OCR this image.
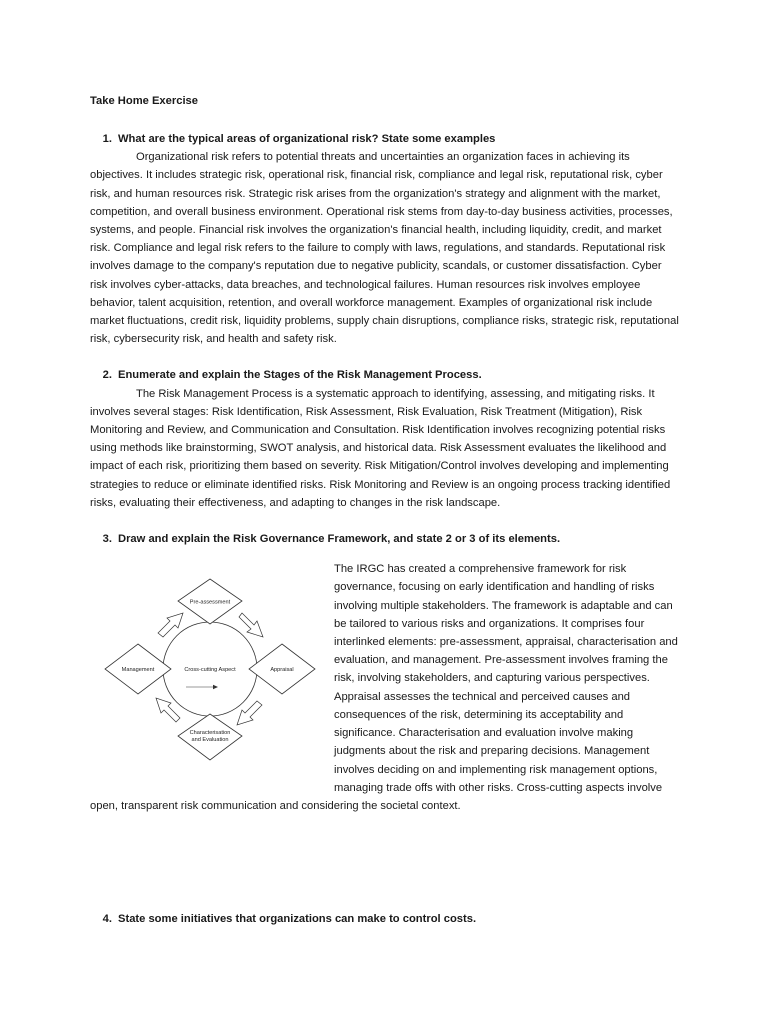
Take Home Exercise

1. What are the typical areas of organizational risk? State some examples

Organizational risk refers to potential threats and uncertainties an organization faces in achieving its objectives. It includes strategic risk, operational risk, financial risk, compliance and legal risk, reputational risk, cyber risk, and human resources risk. Strategic risk arises from the organization's strategy and alignment with the market, competition, and overall business environment. Operational risk stems from day-to-day business activities, processes, systems, and people. Financial risk involves the organization's financial health, including liquidity, credit, and market risk. Compliance and legal risk refers to the failure to comply with laws, regulations, and standards. Reputational risk involves damage to the company's reputation due to negative publicity, scandals, or customer dissatisfaction. Cyber risk involves cyber-attacks, data breaches, and technological failures. Human resources risk involves employee behavior, talent acquisition, retention, and overall workforce management. Examples of organizational risk include market fluctuations, credit risk, liquidity problems, supply chain disruptions, compliance risks, strategic risk, reputational risk, cybersecurity risk, and health and safety risk.

2. Enumerate and explain the Stages of the Risk Management Process.

The Risk Management Process is a systematic approach to identifying, assessing, and mitigating risks. It involves several stages: Risk Identification, Risk Assessment, Risk Evaluation, Risk Treatment (Mitigation), Risk Monitoring and Review, and Communication and Consultation. Risk Identification involves recognizing potential risks using methods like brainstorming, SWOT analysis, and historical data. Risk Assessment evaluates the likelihood and impact of each risk, prioritizing them based on severity. Risk Mitigation/Control involves developing and implementing strategies to reduce or eliminate identified risks. Risk Monitoring and Review is an ongoing process tracking identified risks, evaluating their effectiveness, and adapting to changes in the risk landscape.

3. Draw and explain the Risk Governance Framework, and state 2 or 3 of its elements.

Pre-assessment
Appraisal
Characterisation
and Evaluation
Management	Cross-cutting Aspect

The IRGC has created a comprehensive framework for risk governance, focusing on early identification and handling of risks involving multiple stakeholders. The framework is adaptable and can be tailored to various risks and organizations. It comprises four interlinked elements: pre-assessment, appraisal, characterisation and evaluation, and management. Pre-assessment involves framing the risk, involving stakeholders, and capturing various perspectives. Appraisal assesses the technical and perceived causes and consequences of the risk, determining its acceptability and significance. Characterisation and evaluation involve making judgments about the risk and preparing decisions. Management involves deciding on and implementing risk management options, managing trade offs with other risks. Cross-cutting aspects involve open, transparent risk communication and considering the societal context.

4. State some initiatives that organizations can make to control costs.
